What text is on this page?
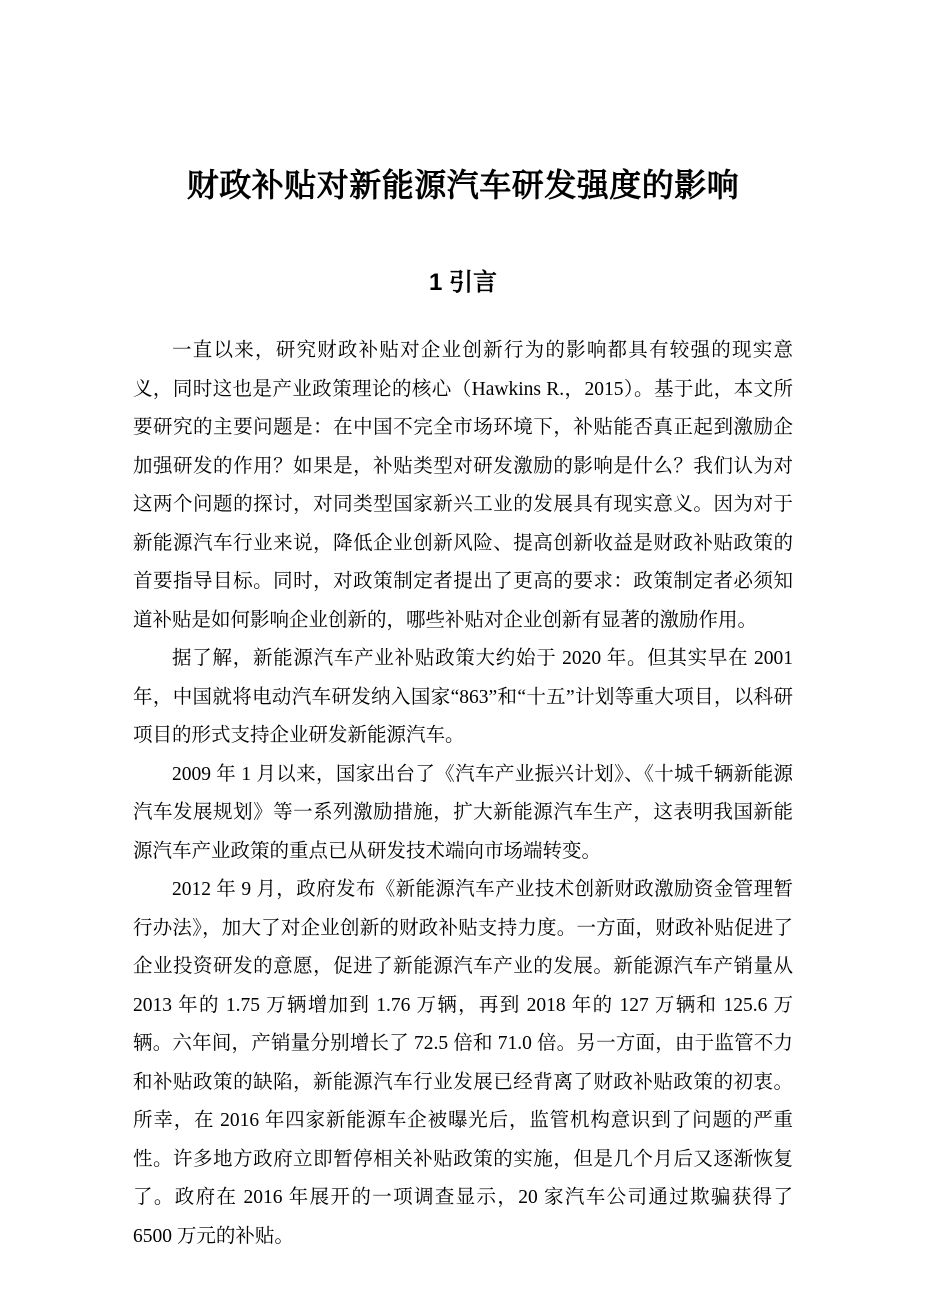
财政补贴对新能源汽车研发强度的影响
1 引言

一直以来，研究财政补贴对企业创新行为的影响都具有较强的现实意义，同时这也是产业政策理论的核心（Hawkins R.，2015）。基于此，本文所要研究的主要问题是：在中国不完全市场环境下，补贴能否真正起到激励企加强研发的作用？如果是，补贴类型对研发激励的影响是什么？我们认为对这两个问题的探讨，对同类型国家新兴工业的发展具有现实意义。因为对于新能源汽车行业来说，降低企业创新风险、提高创新收益是财政补贴政策的首要指导目标。同时，对政策制定者提出了更高的要求：政策制定者必须知道补贴是如何影响企业创新的，哪些补贴对企业创新有显著的激励作用。

据了解，新能源汽车产业补贴政策大约始于 2020 年。但其实早在 2001 年，中国就将电动汽车研发纳入国家“863”和“十五”计划等重大项目，以科研项目的形式支持企业研发新能源汽车。

2009 年 1 月以来，国家出台了《汽车产业振兴计划》、《十城千辆新能源汽车发展规划》等一系列激励措施，扩大新能源汽车生产，这表明我国新能源汽车产业政策的重点已从研发技术端向市场端转变。

2012 年 9 月，政府发布《新能源汽车产业技术创新财政激励资金管理暂行办法》，加大了对企业创新的财政补贴支持力度。一方面，财政补贴促进了企业投资研发的意愿，促进了新能源汽车产业的发展。新能源汽车产销量从 2013 年的 1.75 万辆增加到 1.76 万辆，再到 2018 年的 127 万辆和 125.6 万辆。六年间，产销量分别增长了 72.5 倍和 71.0 倍。另一方面，由于监管不力和补贴政策的缺陷，新能源汽车行业发展已经背离了财政补贴政策的初衷。所幸，在 2016 年四家新能源车企被曝光后，监管机构意识到了问题的严重性。许多地方政府立即暂停相关补贴政策的实施，但是几个月后又逐渐恢复了。政府在 2016 年展开的一项调查显示，20 家汽车公司通过欺骗获得了 6500 万元的补贴。
